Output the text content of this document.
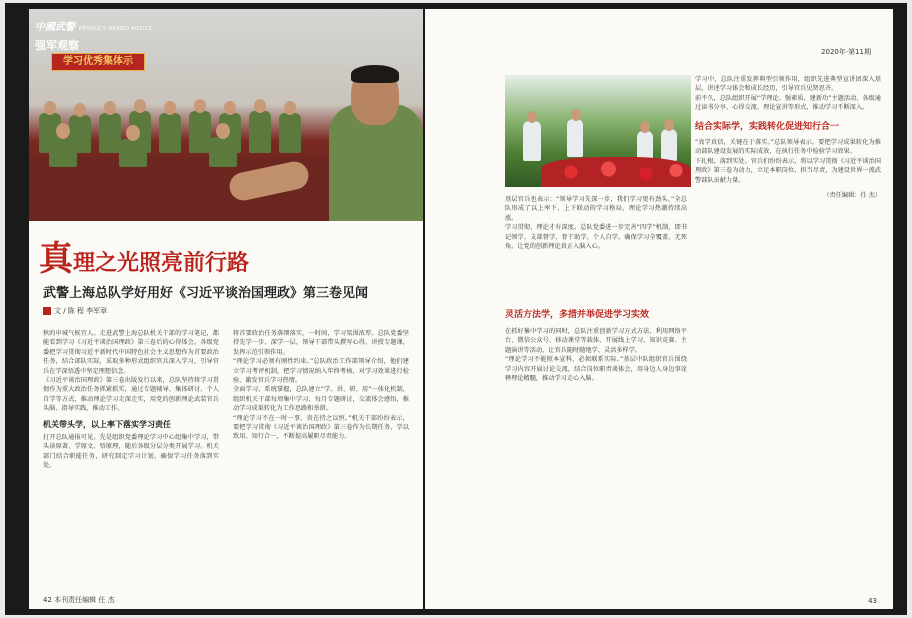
中國武警 PEOPLE'S ARMED POLICE
强军观察
学习优秀集体示
真理之光照亮前行路
武警上海总队学好用好《习近平谈治国理政》第三卷见闻
文 / 陈 程 李军章
秋的申城气候宜人。走进武警上海总队机关干部的学习笔记，都能看到学习《习近平谈治国理政》第三卷后的心得体会。各级党委把学习贯彻习近平新时代中国特色社会主义思想作为首要政治任务，结合部队实际，采取多种形式组织官兵深入学习，引导官兵在学深悟透中坚定理想信念。
《习近平谈治国理政》第三卷出版发行以来，总队坚持将学习贯彻作为重大政治任务抓紧抓实，通过专题辅导、集体研讨、个人自学等方式，推动理论学习走深走实，用党的创新理论武装官兵头脑、指导实践、推动工作。
机关带头学，以上率下落实学习责任
打开总队通报可见，先是组织党委理论学习中心组集中学习，带头读原著、学原文、悟原理，随后各级分层分类开展学习。机关部门结合职能任务，研究制定学习计划，确保学习任务落到实处。
将首要政治任务落细落实，一时间，学习氛围浓厚。总队党委坚持先学一步、深学一层，领导干部带头撰写心得、讲授专题课，发挥示范引领作用。
“理论学习必须有刚性约束。”总队政治工作部领导介绍，他们建立学习考评机制，把学习情况纳入年终考核，对学习效果进行检验，激发官兵学习热情。
全面学习、系统掌握，总队建立“学、讲、研、用”一体化机制，组织机关干部每周集中学习、每月专题研讨，交流体会感悟，推动学习成果转化为工作思路和举措。
“理论学习不在一时一事，贵在持之以恒。”机关干部纷纷表示，要把学习贯彻《习近平谈治国理政》第三卷作为长期任务，学以致用、知行合一，不断提高履职尽责能力。
42 本刊责任编辑 任 杰
2020年·第11期
基层官兵也表示：“领导学习先深一步，我们学习更有劲头。”全总队形成了以上率下、上下联动的学习格局，理论学习热潮持续高涨。
学习贯彻，理论才有深度。总队党委进一步完善“四学”机制，即书记领学、支部督学、骨干助学、个人自学，确保学习全覆盖、无死角，让党的创新理论真正入脑入心。
灵活方法学，多措并举促进学习实效
在抓好集中学习的同时，总队注重创新学习方式方法，利用网络平台、微信公众号、移动课堂等载体，开展线上学习、知识竞赛、主题演讲等活动，让官兵随时随地学、灵活多样学。
“理论学习不能照本宣科，必须联系实际。”基层中队组织官兵围绕学习内容开展讨论交流，结合岗位职责谈体会，用身边人身边事诠释理论精髓，推动学习走心入脑。
学习中，总队注重发挥典型引领作用，组织先进典型宣讲团深入基层，讲述学习体会和成长经历，引导官兵见贤思齐。
前不久，总队组织开展“学理论、强素质、建新功”主题活动，各级通过读书分享、心得交流、理论宣讲等形式，推动学习不断深入。
结合实际学，实践转化促进知行合一
“真学真信，关键在于落实。”总队领导表示，要把学习成果转化为推动部队建设发展的实际成效，在执行任务中检验学习效果。
下扎根，落到实处。官兵们纷纷表示，将以学习贯彻《习近平谈治国理政》第三卷为动力，立足本职岗位，担当尽责，为建设世界一流武警部队贡献力量。
（责任编辑：任 杰）
43
